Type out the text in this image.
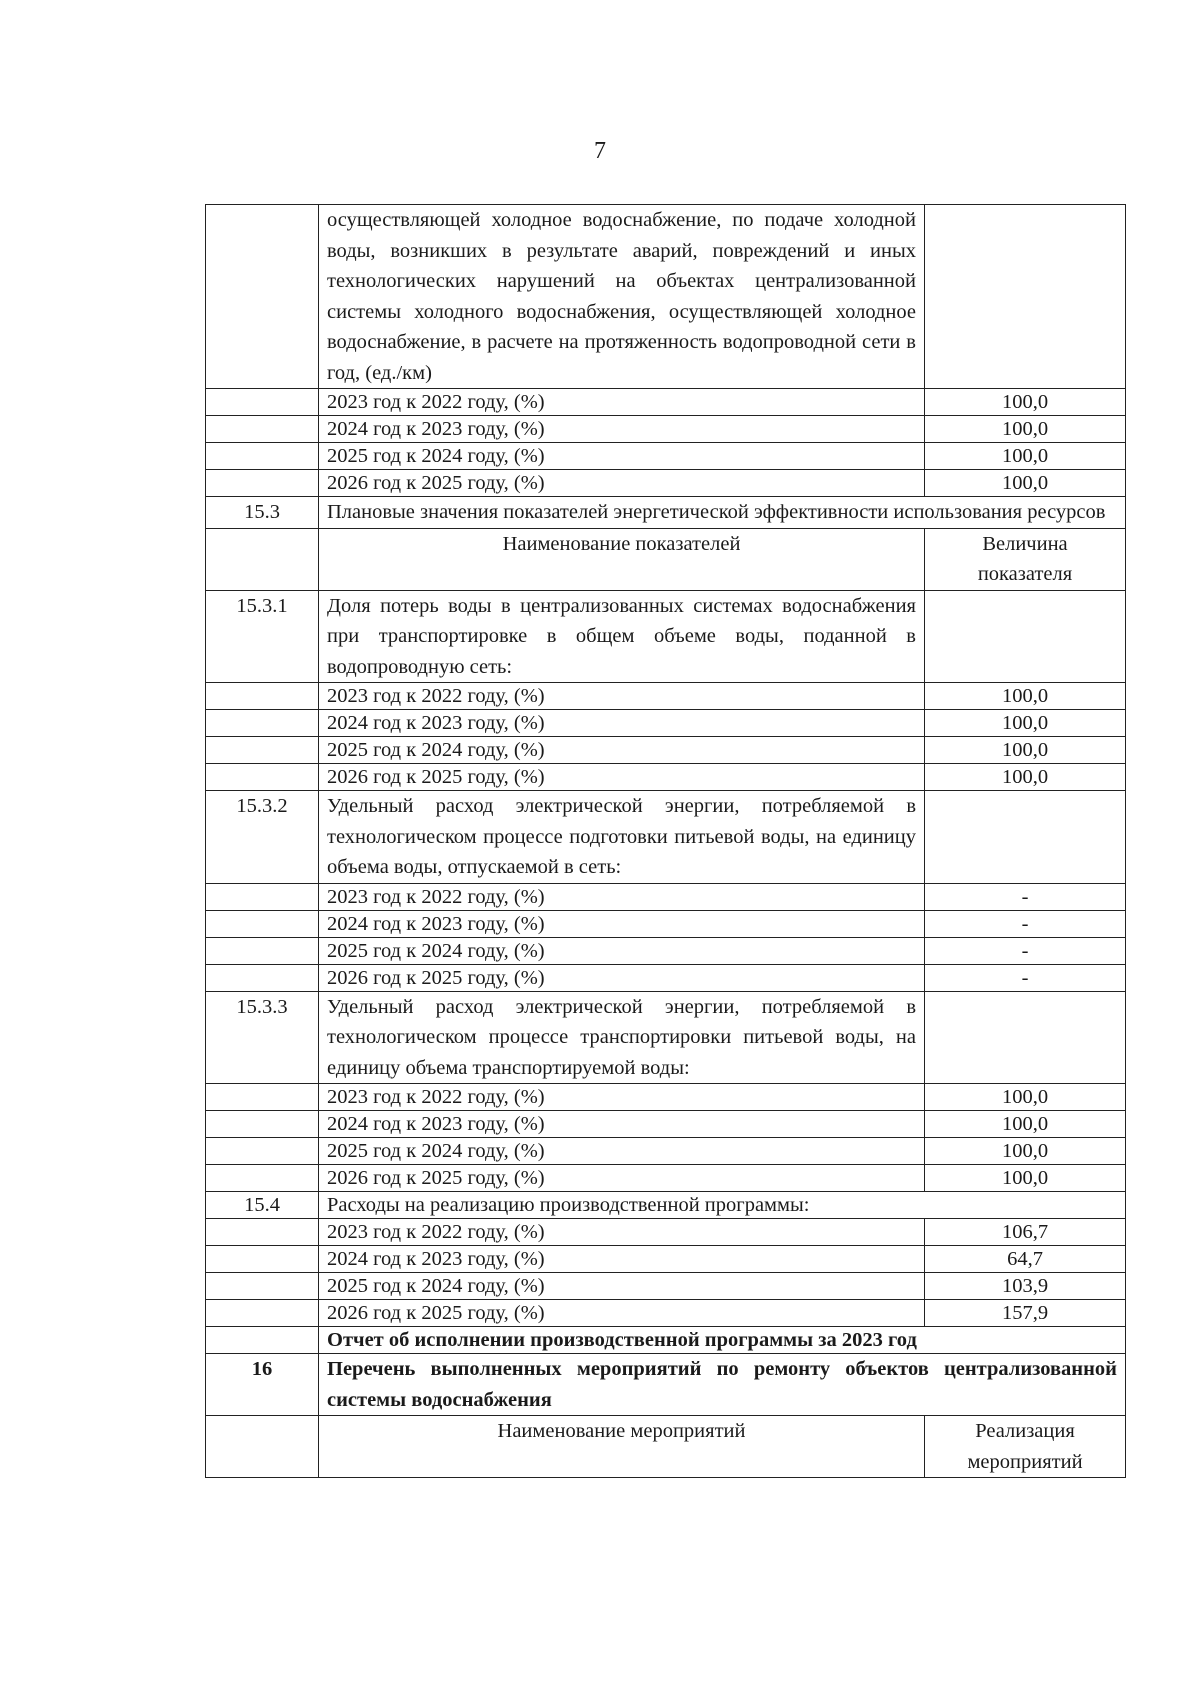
7
	осуществляющей холодное водоснабжение, по подаче холодной воды, возникших в результате аварий, повреждений и иных технологических нарушений на объектах централизованной системы холодного водоснабжения, осуществляющей холодное водоснабжение, в расчете на протяженность водопроводной сети в год, (ед./км)	
	2023 год к 2022 году, (%)	100,0
	2024 год к 2023 году, (%)	100,0
	2025 год к 2024 году, (%)	100,0
	2026 год к 2025 году, (%)	100,0
15.3	Плановые значения показателей энергетической эффективности использования ресурсов	
	Наименование показателей	Величина показателя
15.3.1	Доля потерь воды в централизованных системах водоснабжения при транспортировке в общем объеме воды, поданной в водопроводную сеть:	
	2023 год к 2022 году, (%)	100,0
	2024 год к 2023 году, (%)	100,0
	2025 год к 2024 году, (%)	100,0
	2026 год к 2025 году, (%)	100,0
15.3.2	Удельный расход электрической энергии, потребляемой в технологическом процессе подготовки питьевой воды, на единицу объема воды, отпускаемой в сеть:	
	2023 год к 2022 году, (%)	-
	2024 год к 2023 году, (%)	-
	2025 год к 2024 году, (%)	-
	2026 год к 2025 году, (%)	-
15.3.3	Удельный расход электрической энергии, потребляемой в технологическом процессе транспортировки питьевой воды, на единицу объема транспортируемой воды:	
	2023 год к 2022 году, (%)	100,0
	2024 год к 2023 году, (%)	100,0
	2025 год к 2024 году, (%)	100,0
	2026 год к 2025 году, (%)	100,0
15.4	Расходы на реализацию производственной программы:	
	2023 год к 2022 году, (%)	106,7
	2024 год к 2023 году, (%)	64,7
	2025 год к 2024 году, (%)	103,9
	2026 год к 2025 году, (%)	157,9
	Отчет об исполнении производственной программы за 2023 год	
16	Перечень выполненных мероприятий по ремонту объектов централизованной системы водоснабжения	
	Наименование мероприятий	Реализация мероприятий
